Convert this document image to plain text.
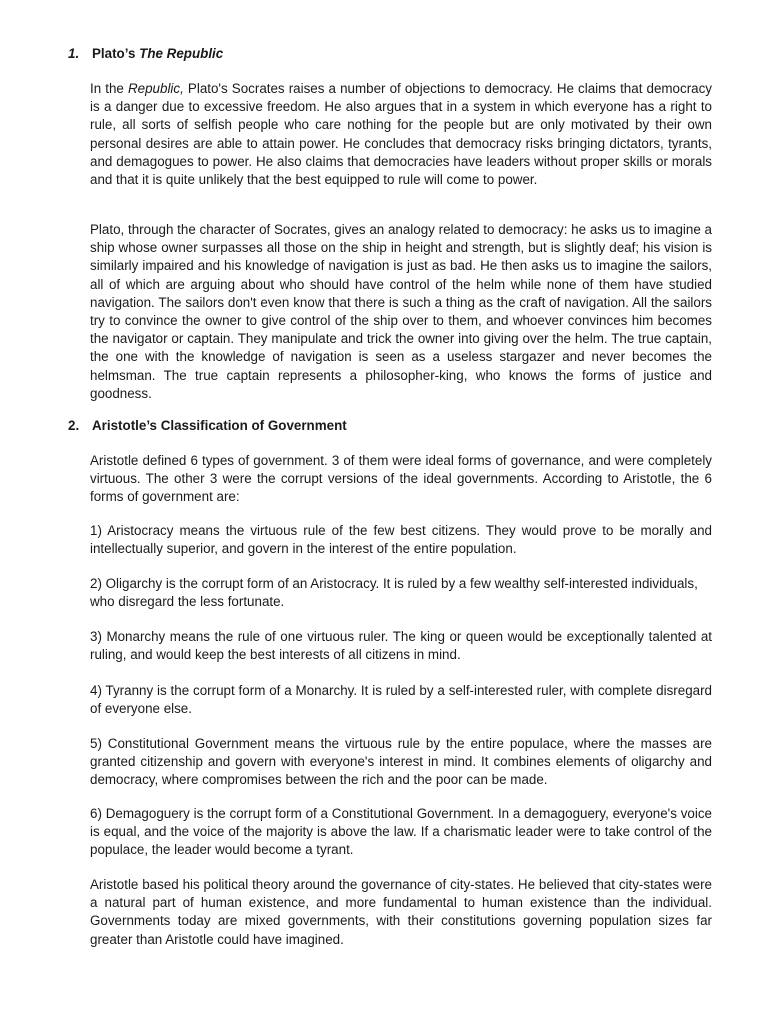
1. Plato’s The Republic

In the Republic, Plato's Socrates raises a number of objections to democracy. He claims that democracy is a danger due to excessive freedom. He also argues that in a system in which everyone has a right to rule, all sorts of selfish people who care nothing for the people but are only motivated by their own personal desires are able to attain power. He concludes that democracy risks bringing dictators, tyrants, and demagogues to power. He also claims that democracies have leaders without proper skills or morals and that it is quite unlikely that the best equipped to rule will come to power.

Plato, through the character of Socrates, gives an analogy related to democracy: he asks us to imagine a ship whose owner surpasses all those on the ship in height and strength, but is slightly deaf; his vision is similarly impaired and his knowledge of navigation is just as bad. He then asks us to imagine the sailors, all of which are arguing about who should have control of the helm while none of them have studied navigation. The sailors don't even know that there is such a thing as the craft of navigation. All the sailors try to convince the owner to give control of the ship over to them, and whoever convinces him becomes the navigator or captain. They manipulate and trick the owner into giving over the helm. The true captain, the one with the knowledge of navigation is seen as a useless stargazer and never becomes the helmsman. The true captain represents a philosopher-king, who knows the forms of justice and goodness.

2. Aristotle’s Classification of Government

Aristotle defined 6 types of government. 3 of them were ideal forms of governance, and were completely virtuous. The other 3 were the corrupt versions of the ideal governments. According to Aristotle, the 6 forms of government are:

1) Aristocracy means the virtuous rule of the few best citizens. They would prove to be morally and intellectually superior, and govern in the interest of the entire population.

2) Oligarchy is the corrupt form of an Aristocracy. It is ruled by a few wealthy self-interested individuals, who disregard the less fortunate.

3) Monarchy means the rule of one virtuous ruler. The king or queen would be exceptionally talented at ruling, and would keep the best interests of all citizens in mind.

4) Tyranny is the corrupt form of a Monarchy. It is ruled by a self-interested ruler, with complete disregard of everyone else.

5) Constitutional Government means the virtuous rule by the entire populace, where the masses are granted citizenship and govern with everyone's interest in mind. It combines elements of oligarchy and democracy, where compromises between the rich and the poor can be made.

6) Demagoguery is the corrupt form of a Constitutional Government. In a demagoguery, everyone's voice is equal, and the voice of the majority is above the law. If a charismatic leader were to take control of the populace, the leader would become a tyrant.

Aristotle based his political theory around the governance of city-states. He believed that city-states were a natural part of human existence, and more fundamental to human existence than the individual. Governments today are mixed governments, with their constitutions governing population sizes far greater than Aristotle could have imagined.
